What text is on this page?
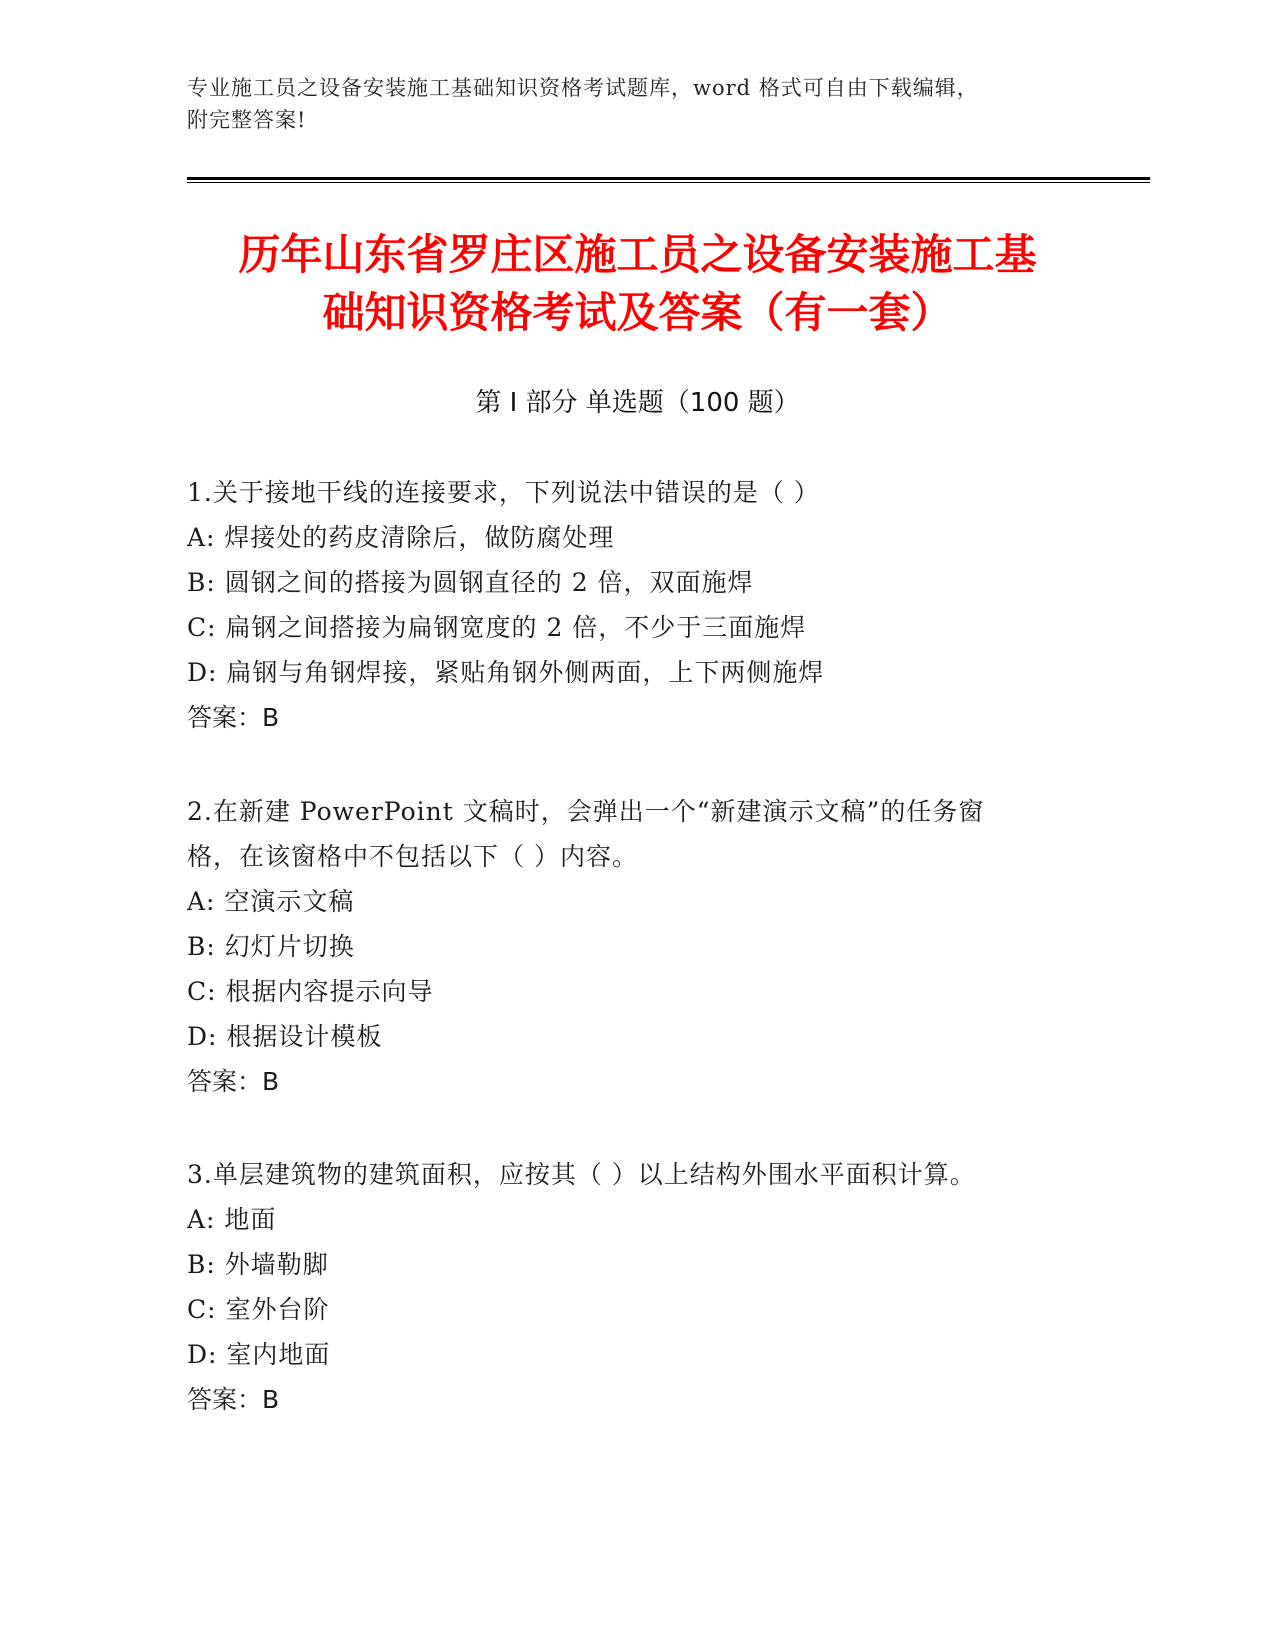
专业施工员之设备安装施工基础知识资格考试题库，word 格式可自由下载编辑，
附完整答案!
历年山东省罗庄区施工员之设备安装施工基
础知识资格考试及答案（有一套）
第 I 部分 单选题（100 题）
1.关于接地干线的连接要求，下列说法中错误的是（ ）
A: 焊接处的药皮清除后，做防腐处理
B: 圆钢之间的搭接为圆钢直径的 2 倍，双面施焊
C: 扁钢之间搭接为扁钢宽度的 2 倍，不少于三面施焊
D: 扁钢与角钢焊接，紧贴角钢外侧两面，上下两侧施焊
答案：B
2.在新建 PowerPoint 文稿时，会弹出一个“新建演示文稿”的任务窗
格，在该窗格中不包括以下（ ）内容。
A: 空演示文稿
B: 幻灯片切换
C: 根据内容提示向导
D: 根据设计模板
答案：B
3.单层建筑物的建筑面积，应按其（ ）以上结构外围水平面积计算。
A: 地面
B: 外墙勒脚
C: 室外台阶
D: 室内地面
答案：B
